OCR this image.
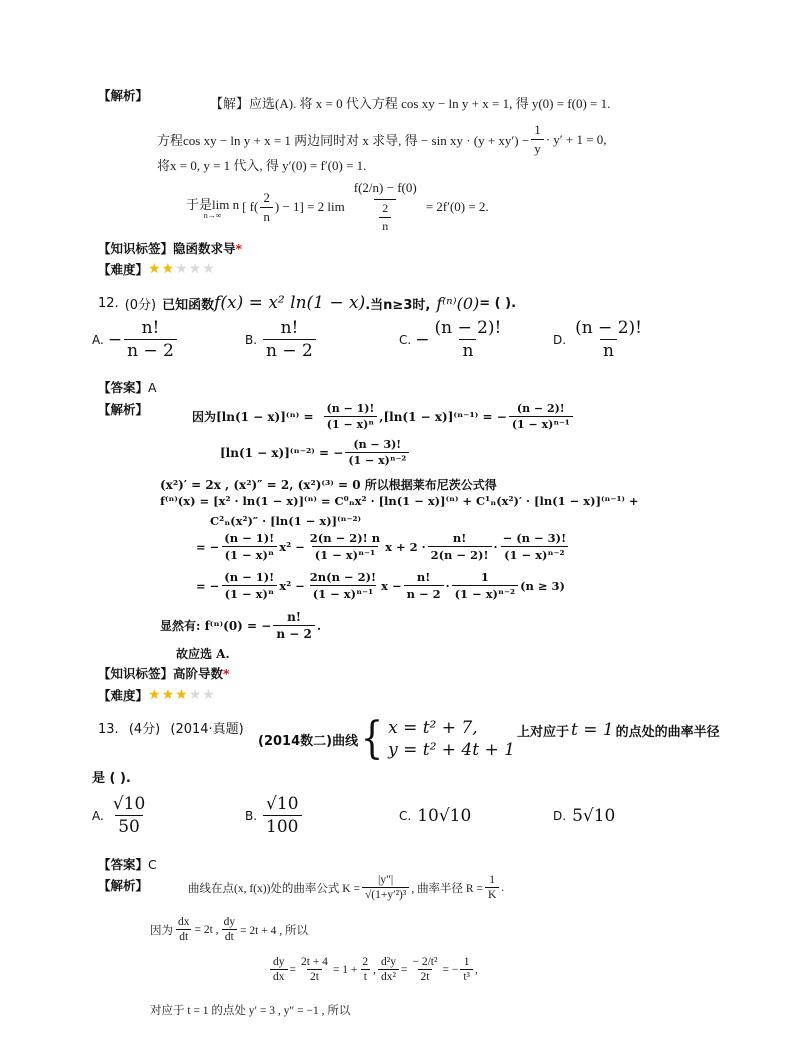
【解析】
【解】应选(A). 将 x = 0 代入方程 cos xy − ln y + x = 1, 得 y(0) = f(0) = 1.
方程cos xy − ln y + x = 1 两边同时对 x 求导, 得 − sin xy · $(y + xy') - \frac{1}{y} \cdot y' + 1 = 0$,
将x = 0, y = 1 代入, 得 y′(0) = f′(0) = 1.
于是lim n
n→∞
[ $f( \frac{2}{n}$ ) − 1] = 2 $\lim \frac{f(2/n) - f(0)}{\frac{2}{n}} = 2f'(0) = 2$.
【知识标签】隐函数求导*
【难度】 ★★★★★
12. (0分) 已知函数 f(x) = x² ln(1 − x) .当n≥3时, f⁽ⁿ⁾(0) = ( ).
A. − $\frac{n!}{n - 2}$	B. $\frac{n!}{n - 2}$	C. − $\frac{(n - 2)!}{n}$	D. $\frac{(n - 2)!}{n}$
【答案】A
【解析】	因为$[\ln(1 - x)]^{(n)} = \frac{(n - 1)!}{\text{(1 − x)ⁿ}} ,[\ln(1 - x)]^{(n-1)}$ = − $\frac{(n - 2)!}{\text{(1 − x)ⁿ⁻¹}}$
[ln(1 − x)]⁽ⁿ⁻²⁾ = − $\frac{(n - 3)!}{\text{(1 − x)ⁿ⁻²}}$
(x²)′ = 2x , (x²)″ = 2, (x²)⁽³⁾ = 0 所以根据莱布尼茨公式得
f⁽ⁿ⁾(x) = [x² · ln(1 − x)]⁽ⁿ⁾ = C⁰ₙx² · [ln(1 − x)]⁽ⁿ⁾ + C¹ₙ(x²)′ · [ln(1 − x)]⁽ⁿ⁻¹⁾ +
C²ₙ(x²)″ · [ln(1 − x)]⁽ⁿ⁻²⁾
= − $\frac{(n - 1)!}{\text{(1 − x)ⁿ}} x^2 - \frac{2(n - 2)! n}{\text{(1 − x)ⁿ⁻¹}}$ $x + 2 \cdot \frac{n!}{2(n - 2)!} \cdot \frac{- (n - 3)!}{\text{(1 − x)ⁿ⁻²}}$
= − $\frac{(n - 1)!}{\text{(1 − x)ⁿ}} x^2 - \frac{2n(n - 2)!}{\text{(1 − x)ⁿ⁻¹}}$ $x - \frac{n!}{n - 2} \cdot \frac{1}{\text{(1 − x)ⁿ⁻²}} (n \ge 3)$
显然有: f⁽ⁿ⁾(0) = − $\frac{n!}{n - 2}$ .
故应选 A.
【知识标签】高阶导数*
【难度】 ★★★★★
13. (4分) (2014·真题)
(2014数二)曲线 { x = t² + 7,
y = t² + 4t + 1
上对应于 t = 1 的点处的曲率半径
是 ( ).
A. $\frac{√10}{50}$	B. $\frac{√10}{100}$	C. 10√10	D. 5√10
【答案】C
【解析】	曲线在点(x, f(x))处的曲率公式 $K = \frac{|y''|}{\text{√(1+y′²)³}}$ , 曲率半径 $R = \frac{1}{K}$ .
因为 $\frac{dx}{dt} = 2t$ , $\frac{dy}{dt} = 2t + 4$ , 所以
$\frac{dy}{dx} = \frac{2t + 4}{2t} = 1 + \frac{2}{t}$ , $\frac{\text{d²y}}{\text{dx²}} = \frac{\text{− 2/t²}}{2t}$ = − $\frac{1}{\text{t³}}$ ,
对应于 t = 1 的点处 y′ = 3 , y″ = −1 , 所以
